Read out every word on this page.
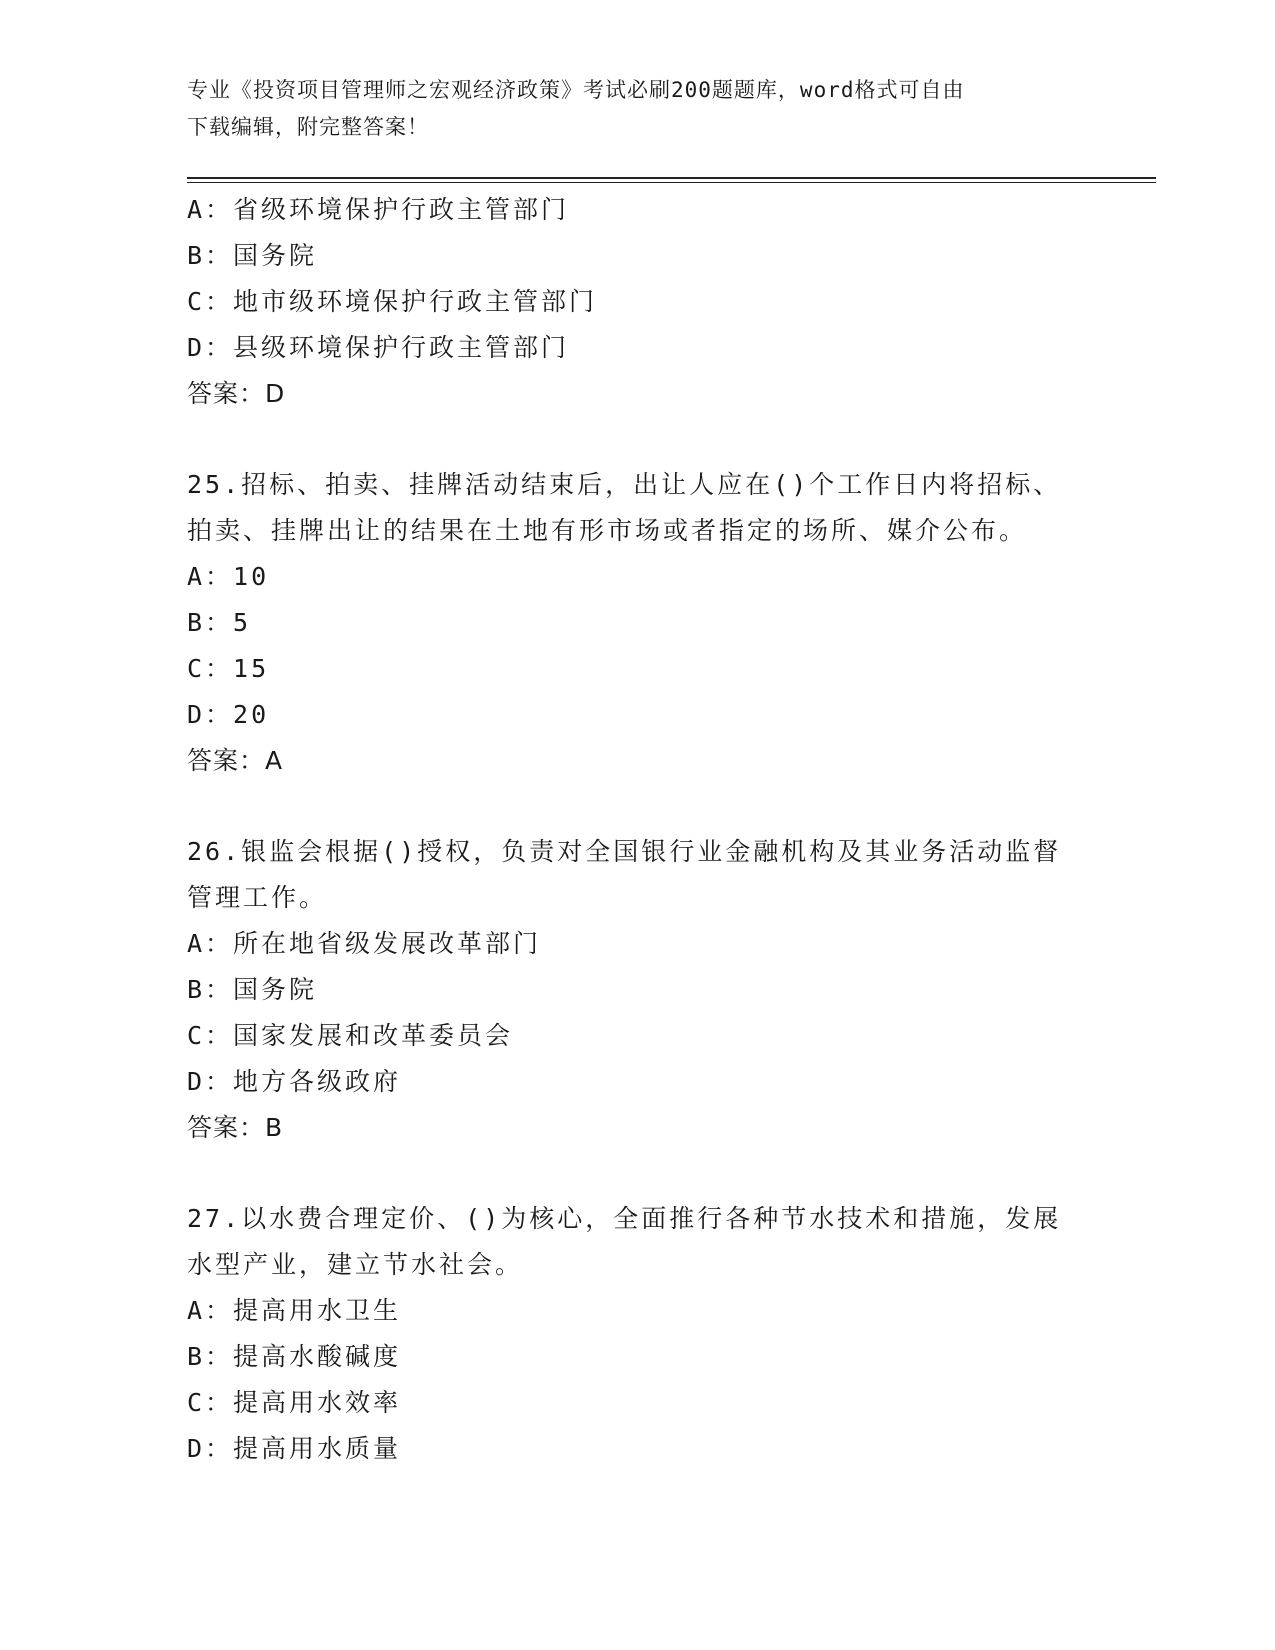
专业《投资项目管理师之宏观经济政策》考试必刷200题题库，word格式可自由
下载编辑，附完整答案！
A：省级环境保护行政主管部门
B：国务院
C：地市级环境保护行政主管部门
D：县级环境保护行政主管部门
答案：D
25.招标、拍卖、挂牌活动结束后，出让人应在()个工作日内将招标、
拍卖、挂牌出让的结果在土地有形市场或者指定的场所、媒介公布。
A：10
B：5
C：15
D：20
答案：A
26.银监会根据()授权，负责对全国银行业金融机构及其业务活动监督
管理工作。
A：所在地省级发展改革部门
B：国务院
C：国家发展和改革委员会
D：地方各级政府
答案：B
27.以水费合理定价、()为核心，全面推行各种节水技术和措施，发展
水型产业，建立节水社会。
A：提高用水卫生
B：提高水酸碱度
C：提高用水效率
D：提高用水质量
